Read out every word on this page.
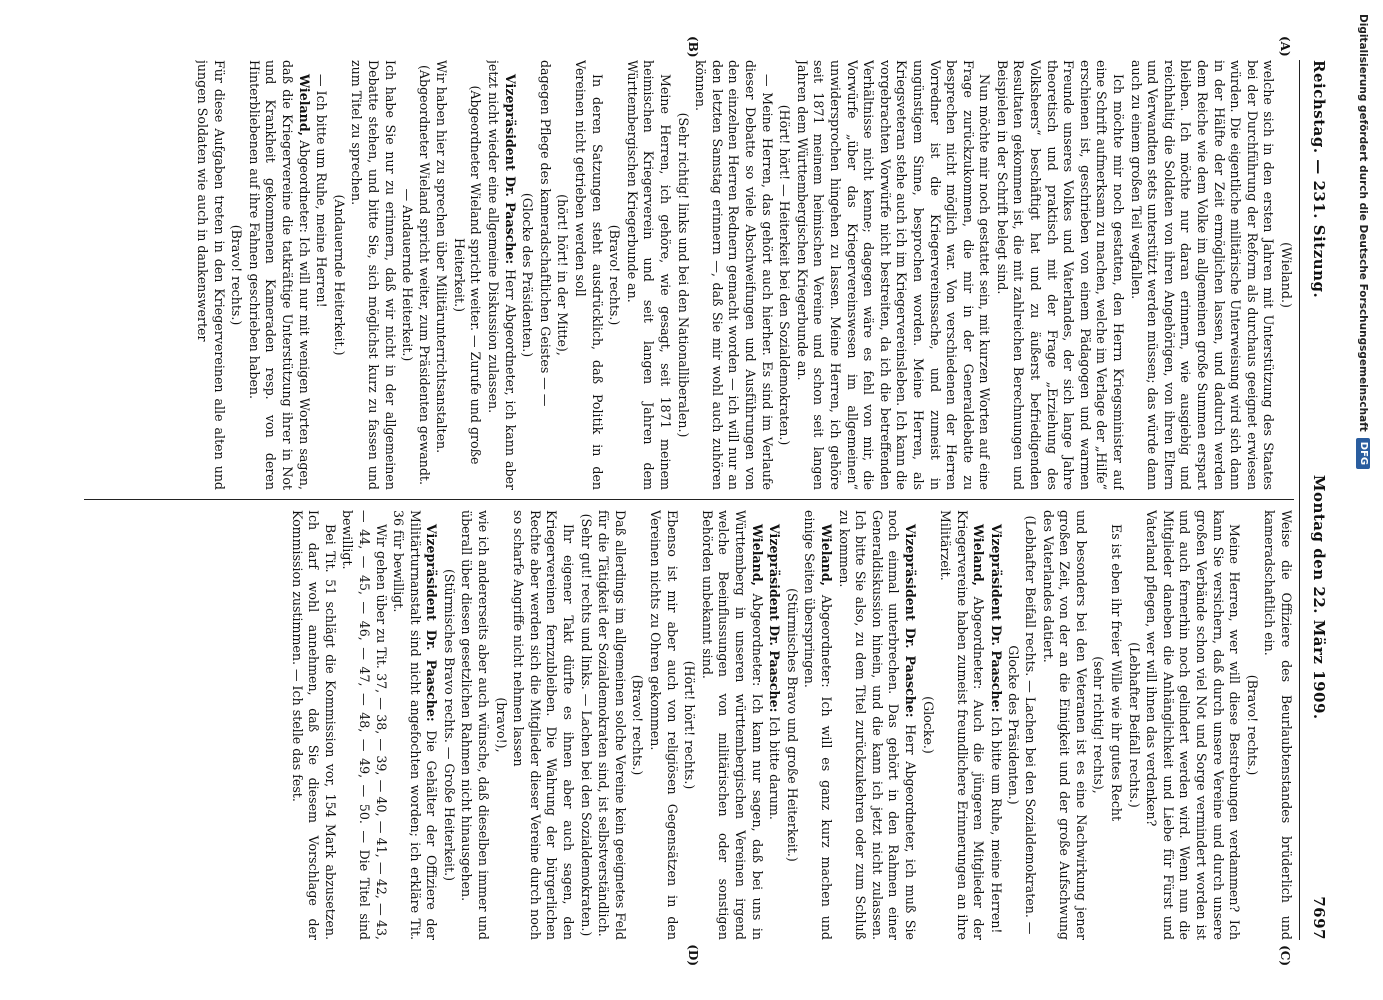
Reichstag. — 231. Sitzung.
Montag den 22. März 1909.
7697
(A)
(B)
(C)
(D)

(Wieland.)

welche sich in den ersten Jahren mit Unterstützung des Staates bei der Durchführung der Reform als durchaus geeignet erwiesen würden. Die eigentliche militärische Unterweisung wird sich dann in der Hälfte der Zeit ermöglichen lassen, und dadurch werden dem Reiche wie dem Volke im allgemeinen große Summen erspart bleiben. Ich möchte nur daran erinnern, wie ausgiebig und reichhaltig die Soldaten von ihren Angehörigen, von ihren Eltern und Verwandten stets unterstützt werden müssen; das würde dann auch zu einem großen Teil wegfallen.

Ich möchte mir noch gestatten, den Herrn Kriegsminister auf eine Schrift aufmerksam zu machen, welche im Verlage der „Hilfe“ erschienen ist, geschrieben von einem Pädagogen und warmen Freunde unseres Volkes und Vaterlandes, der sich lange Jahre theoretisch und praktisch mit der Frage „Erziehung des Volksheers“ beschäftigt hat und zu äußerst befriedigenden Resultaten gekommen ist, die mit zahlreichen Berechnungen und Beispielen in der Schrift belegt sind.

Nun möchte mir noch gestattet sein, mit kurzen Worten auf eine Frage zurückzukommen, die mir in der Generaldebatte zu besprechen nicht möglich war. Von verschiedenen der Herren Vorredner ist die Kriegervereinssache, und zumeist in ungünstigem Sinne, besprochen worden. Meine Herren, als Kriegsveteran stehe auch ich im Kriegervereinsleben. Ich kann die vorgebrachten Vorwürfe nicht bestreiten, da ich die betreffenden Verhältnisse nicht kenne; dagegen wäre es fehl von mir, die Vorwürfe „über das Kriegervereinswesen im allgemeinen“ unwidersprochen hingehen zu lassen. Meine Herren, ich gehöre seit 1871 meinem heimischen Vereine und schon seit langen Jahren dem Württembergischen Kriegerbunde an.

(Hört! hört! — Heiterkeit bei den Sozialdemokraten.)

— Meine Herren, das gehört auch hierher. Es sind im Verlaufe dieser Debatte so viele Abschweifungen und Ausführungen von den einzelnen Herren Rednern gemacht worden — ich will nur an den letzten Samstag erinnern —, daß Sie mir wohl auch zuhören können.

(Sehr richtig! links und bei den Nationalliberalen.)

Meine Herren, ich gehöre, wie gesagt, seit 1871 meinem heimischen Kriegerverein und seit langen Jahren dem Württembergischen Kriegerbunde an.

(Bravo! rechts.)

In deren Satzungen steht ausdrücklich, daß Politik in den Vereinen nicht getrieben werden soll

(hört! hört! in der Mitte),

dagegen Pflege des kameradschaftlichen Geistes — —

(Glocke des Präsidenten.)

Vizepräsident Dr. Paasche: Herr Abgeordneter, ich kann aber jetzt nicht wieder eine allgemeine Diskussion zulassen.

(Abgeordneter Wieland spricht weiter. — Zurufe und große Heiterkeit.)

Wir haben hier zu sprechen über Militärunterrichtsanstalten.

(Abgeordneter Wieland spricht weiter, zum Präsidenten gewandt. — Andauernde Heiterkeit.)

Ich habe Sie nur zu erinnern, daß wir nicht in der allgemeinen Debatte stehen, und bitte Sie, sich möglichst kurz zu fassen und zum Titel zu sprechen.

(Andauernde Heiterkeit.)

— Ich bitte um Ruhe, meine Herren!

Wieland, Abgeordneter: Ich will nur mit wenigen Worten sagen, daß die Kriegervereine die tatkräftige Unterstützung ihrer in Not und Krankheit gekommenen Kameraden resp. von deren Hinterbliebenen auf ihre Fahnen geschrieben haben.

(Bravo! rechts.)

Für diese Aufgaben treten in den Kriegervereinen alle alten und jungen Soldaten wie auch in dankenswerter

Weise die Offiziere des Beurlaubtenstandes brüderlich und kameradschaftlich ein.

(Bravo! rechts.)

Meine Herren, wer will diese Bestrebungen verdammen? Ich kann Sie versichern, daß durch unsere Vereine und durch unsere großen Verbände schon viel Not und Sorge vermindert worden ist und auch fernerhin noch gelindert werden wird. Wenn nun die Mitglieder daneben die Anhänglichkeit und Liebe für Fürst und Vaterland pflegen, wer will ihnen das verdenken?

(Lebhafter Beifall rechts.)

Es ist eben ihr freier Wille wie ihr gutes Recht

(sehr richtig! rechts),

und besonders bei den Veteranen ist es eine Nachwirkung jener großen Zeit, von der an die Einigkeit und der große Aufschwung des Vaterlandes datiert.

(Lebhafter Beifall rechts. — Lachen bei den Sozialdemokraten. — Glocke des Präsidenten.)

Vizepräsident Dr. Paasche: Ich bitte um Ruhe, meine Herren!

Wieland, Abgeordneter: Auch die jüngeren Mitglieder der Kriegervereine haben zumeist freundlichere Erinnerungen an ihre Militärzeit.

(Glocke.)

Vizepräsident Dr. Paasche: Herr Abgeordneter, ich muß Sie noch einmal unterbrechen. Das gehört in den Rahmen einer Generaldiskussion hinein, und die kann ich jetzt nicht zulassen. Ich bitte Sie also, zu dem Titel zurückzukehren oder zum Schluß zu kommen.

Wieland, Abgeordneter: Ich will es ganz kurz machen und einige Seiten überspringen.

(Stürmisches Bravo und große Heiterkeit.)

Vizepräsident Dr. Paasche: Ich bitte darum.

Wieland, Abgeordneter: Ich kann nur sagen, daß bei uns in Württemberg in unseren württembergischen Vereinen irgend welche Beeinflussungen von militärischen oder sonstigen Behörden unbekannt sind.

(Hört! hört! rechts.)

Ebenso ist mir aber auch von religiösen Gegensätzen in den Vereinen nichts zu Ohren gekommen.

(Bravo! rechts.)

Daß allerdings im allgemeinen solche Vereine kein geeignetes Feld für die Tätigkeit der Sozialdemokraten sind, ist selbstverständlich.

(Sehr gut! rechts und links. — Lachen bei den Sozialdemokraten.)

Ihr eigener Takt dürfte es ihnen aber auch sagen, den Kriegervereinen fernzubleiben. Die Wahrung der bürgerlichen Rechte aber werden sich die Mitglieder dieser Vereine durch noch so scharfe Angriffe nicht nehmen lassen

(bravo!),

wie ich andererseits aber auch wünsche, daß dieselben immer und überall über diesen gesetzlichen Rahmen nicht hinausgehen.

(Stürmisches Bravo rechts. — Große Heiterkeit.)

Vizepräsident Dr. Paasche: Die Gehälter der Offiziere der Militärturnanstalt sind nicht angefochten worden; ich erkläre Tit. 36 für bewilligt.

Wir gehen über zu Tit. 37, — 38, — 39, — 40, — 41, — 42, — 43, — 44, — 45, — 46, — 47, — 48, — 49, — 50. — Die Titel sind bewilligt.

Bei Tit. 51 schlägt die Kommission vor, 154 Mark abzusetzen. Ich darf wohl annehmen, daß Sie diesem Vorschlage der Kommission zustimmen. — Ich stelle das fest.

Digitalisierung gefördert durch die Deutsche Forschungsgemeinschaft
DFG
